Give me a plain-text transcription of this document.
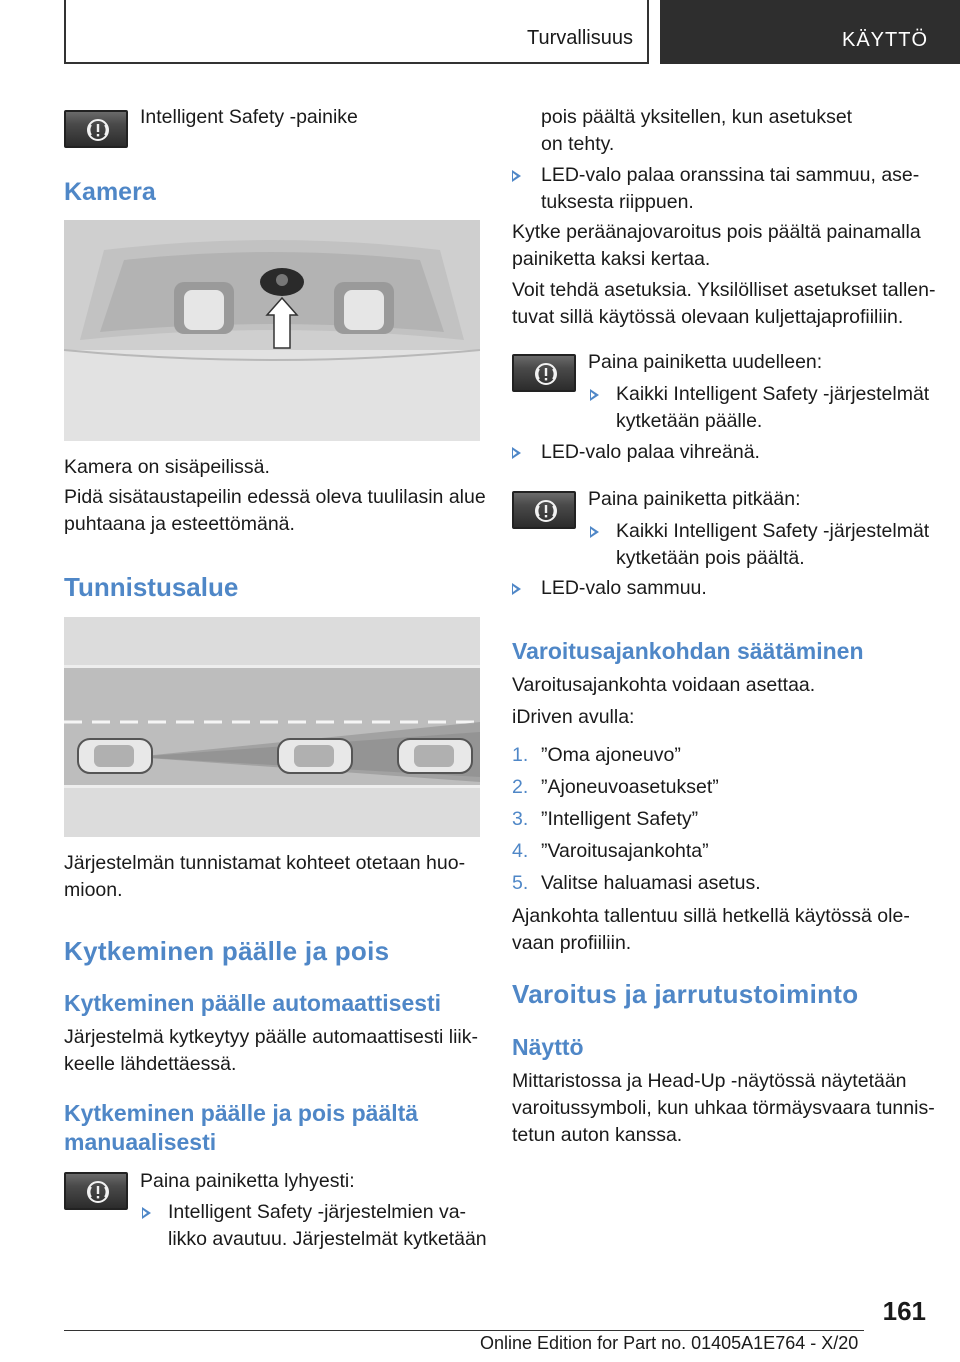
Turvallisuus	KÄYTTÖ

Intelligent Safety -painike

Kamera

Kamera on sisäpeilissä.

Pidä sisätaustapeilin edessä oleva tuulilasin alue

puhtaana ja esteettömänä.

Tunnistusalue

Järjestelmän tunnistamat kohteet otetaan huo-

mioon.

Kytkeminen päälle ja pois
Kytkeminen päälle automaattisesti

Järjestelmä kytkeytyy päälle automaattisesti liik-

keelle lähdettäessä.

Kytkeminen päälle ja pois päältä
manuaalisesti

Paina painiketta lyhyesti:

Intelligent Safety -järjestelmien va-
likko avautuu. Järjestelmät kytketään

pois päältä yksitellen, kun asetukset

on tehty.

LED-valo palaa oranssina tai sammuu, ase-
tuksesta riippuen.

Kytke peräänajovaroitus pois päältä painamalla

painiketta kaksi kertaa.

Voit tehdä asetuksia. Yksilölliset asetukset tallen-

tuvat sillä käytössä olevaan kuljettajaprofiiliin.

Paina painiketta uudelleen:

Kaikki Intelligent Safety -järjestelmät
kytketään päälle.
LED-valo palaa vihreänä.

Paina painiketta pitkään:

Kaikki Intelligent Safety -järjestelmät
kytketään pois päältä.
LED-valo sammuu.
Varoitusajankohdan säätäminen

Varoitusajankohta voidaan asettaa.

iDriven avulla:

1. ”Oma ajoneuvo”
2. ”Ajoneuvoasetukset”
3. ”Intelligent Safety”
4. ”Varoitusajankohta”
5. Valitse haluamasi asetus.

Ajankohta tallentuu sillä hetkellä käytössä ole-

vaan profiiliin.

Varoitus ja jarrutustoiminto
Näyttö

Mittaristossa ja Head-Up -näytössä näytetään

varoitussymboli, kun uhkaa törmäysvaara tunnis-

tetun auton kanssa.

161
Online Edition for Part no. 01405A1E764 - X/20
